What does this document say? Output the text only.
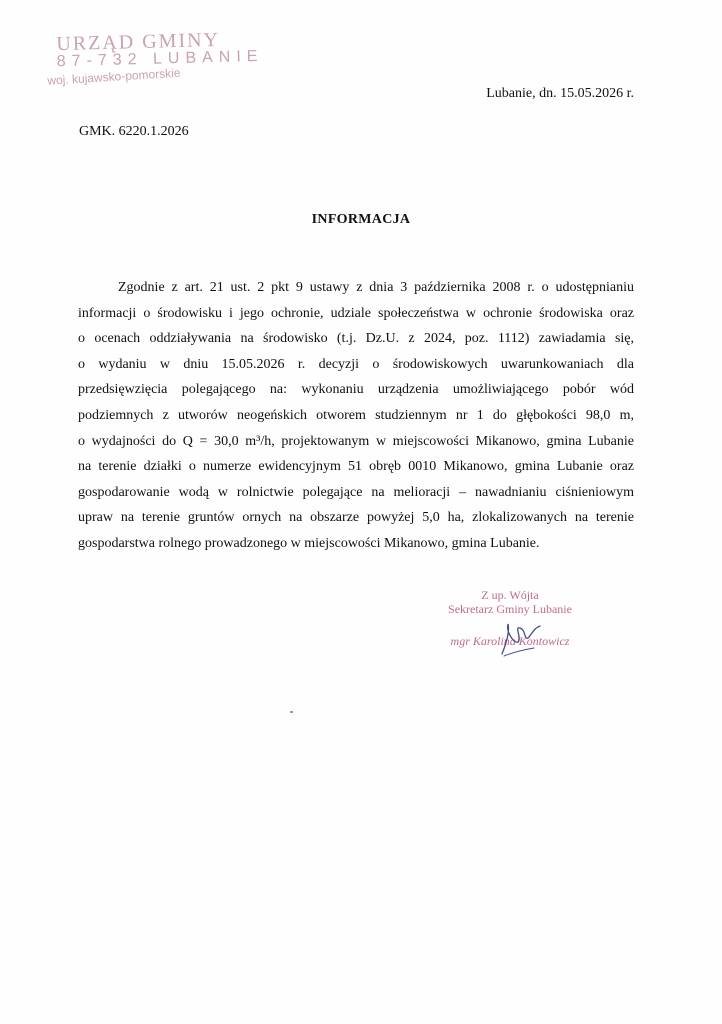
URZĄD GMINY
87-732 LUBANIE
woj. kujawsko-pomorskie
Lubanie, dn. 15.05.2026 r.
GMK. 6220.1.2026
INFORMACJA
Zgodnie z art. 21 ust. 2 pkt 9 ustawy z dnia 3 października 2008 r. o udostępnianiu
informacji o środowisku i jego ochronie, udziale społeczeństwa w ochronie środowiska oraz
o ocenach oddziaływania na środowisko (t.j. Dz.U. z 2024, poz. 1112) zawiadamia się,
o wydaniu w dniu 15.05.2026 r. decyzji o środowiskowych uwarunkowaniach dla
przedsięwzięcia polegającego na: wykonaniu urządzenia umożliwiającego pobór wód
podziemnych z utworów neogeńskich otworem studziennym nr 1 do głębokości 98,0 m,
o wydajności do Q = 30,0 m³/h, projektowanym w miejscowości Mikanowo, gmina Lubanie
na terenie działki o numerze ewidencyjnym 51 obręb 0010 Mikanowo, gmina Lubanie oraz
gospodarowanie wodą w rolnictwie polegające na melioracji – nawadnianiu ciśnieniowym
upraw na terenie gruntów ornych na obszarze powyżej 5,0 ha, zlokalizowanych na terenie
gospodarstwa rolnego prowadzonego w miejscowości Mikanowo, gmina Lubanie.
Z up. Wójta
Sekretarz Gminy Lubanie
mgr Karolina Kontowicz
